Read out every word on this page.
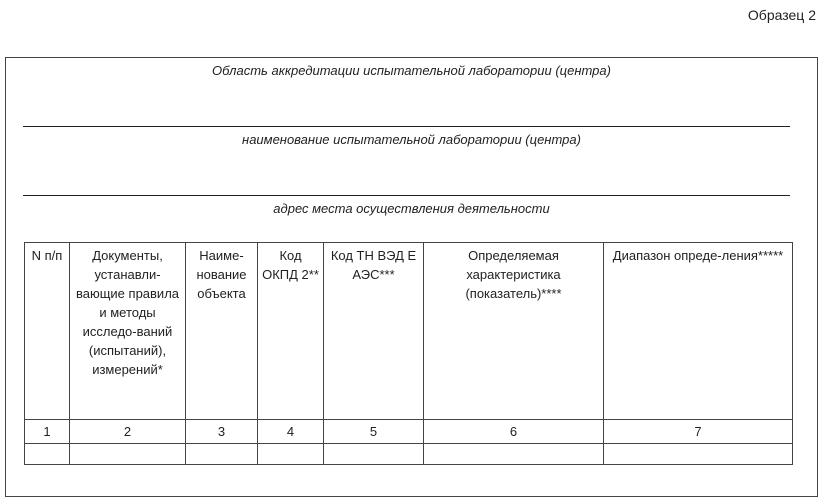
Образец 2
Область аккредитации испытательной лаборатории (центра)
наименование испытательной лаборатории (центра)
адрес места осуществления деятельности
N п/п	Документы, устанавли-вающие правила и методы исследо-ваний (испытаний), измерений*	Наиме-нование объекта	Код ОКПД 2**	Код ТН ВЭД Е АЭС***	Определяемая характеристика (показатель)****	Диапазон опреде-ления*****
1	2	3	4	5	6	7
